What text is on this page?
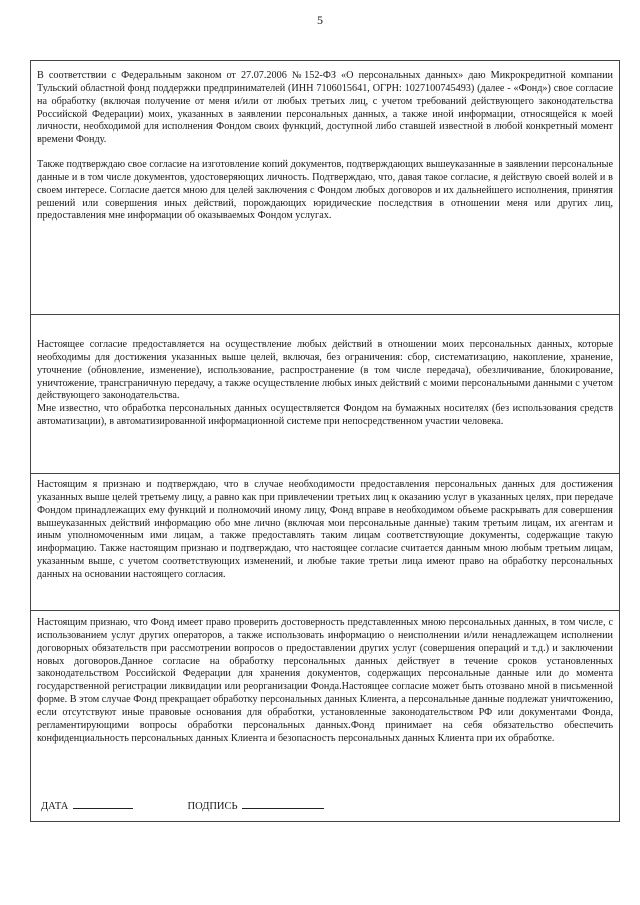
5

В соответствии с Федеральным законом от 27.07.2006 №152-ФЗ «О персональных данных» даю Микрокредитной компании Тульский областной фонд поддержки предпринимателей (ИНН 7106015641, ОГРН: 1027100745493) (далее - «Фонд») свое согласие на обработку (включая получение от меня и/или от любых третьих лиц, с учетом требований действующего законодательства Российской Федерации) моих, указанных в заявлении персональных данных, а также иной информации, относящейся к моей личности, необходимой для исполнения Фондом своих функций, доступной либо ставшей известной в любой конкретный момент времени Фонду.

Также подтверждаю свое согласие на изготовление копий документов, подтверждающих вышеуказанные в заявлении персональные данные и в том числе документов, удостоверяющих личность. Подтверждаю, что, давая такое согласие, я действую своей волей и в своем интересе. Согласие дается мною для целей заключения с Фондом любых договоров и их дальнейшего исполнения, принятия решений или совершения иных действий, порождающих юридические последствия в отношении меня или других лиц, предоставления мне информации об оказываемых Фондом услугах.

Настоящее согласие предоставляется на осуществление любых действий в отношении моих персональных данных, которые необходимы для достижения указанных выше целей, включая, без ограничения: сбор, систематизацию, накопление, хранение, уточнение (обновление, изменение), использование, распространение (в том числе передача), обезличивание, блокирование, уничтожение, трансграничную передачу, а также осуществление любых иных действий с моими персональными данными с учетом действующего законодательства.

Мне известно, что обработка персональных данных осуществляется Фондом на бумажных носителях (без использования средств автоматизации), в автоматизированной информационной системе при непосредственном участии человека.

Настоящим я признаю и подтверждаю, что в случае необходимости предоставления персональных данных для достижения указанных выше целей третьему лицу, а равно как при привлечении третьих лиц к оказанию услуг в указанных целях, при передаче Фондом принадлежащих ему функций и полномочий иному лицу, Фонд вправе в необходимом объеме раскрывать для совершения вышеуказанных действий информацию обо мне лично (включая мои персональные данные) таким третьим лицам, их агентам и иным уполномоченным ими лицам, а также предоставлять таким лицам соответствующие документы, содержащие такую информацию. Также настоящим признаю и подтверждаю, что настоящее согласие считается данным мною любым третьим лицам, указанным выше, с учетом соответствующих изменений, и любые такие третьи лица имеют право на обработку персональных данных на основании настоящего согласия.

Настоящим признаю, что Фонд имеет право проверить достоверность представленных мною персональных данных, в том числе, с использованием услуг других операторов, а также использовать информацию о неисполнении и/или ненадлежащем исполнении договорных обязательств при рассмотрении вопросов о предоставлении других услуг (совершения операций и т.д.) и заключении новых договоров.Данное согласие на обработку персональных данных действует в течение сроков установленных законодательством Российской Федерации для хранения документов, содержащих персональные данные или до момента государственной регистрации ликвидации или реорганизации Фонда.Настоящее согласие может быть отозвано мной в письменной форме. В этом случае Фонд прекращает обработку персональных данных Клиента, а персональные данные подлежат уничтожению, если отсутствуют иные правовые основания для обработки, установленные законодательством РФ или документами Фонда, регламентирующими вопросы обработки персональных данных.Фонд принимает на себя обязательство обеспечить конфиденциальность персональных данных Клиента и безопасность персональных данных Клиента при их обработке.

ДАТА	ПОДПИСЬ
